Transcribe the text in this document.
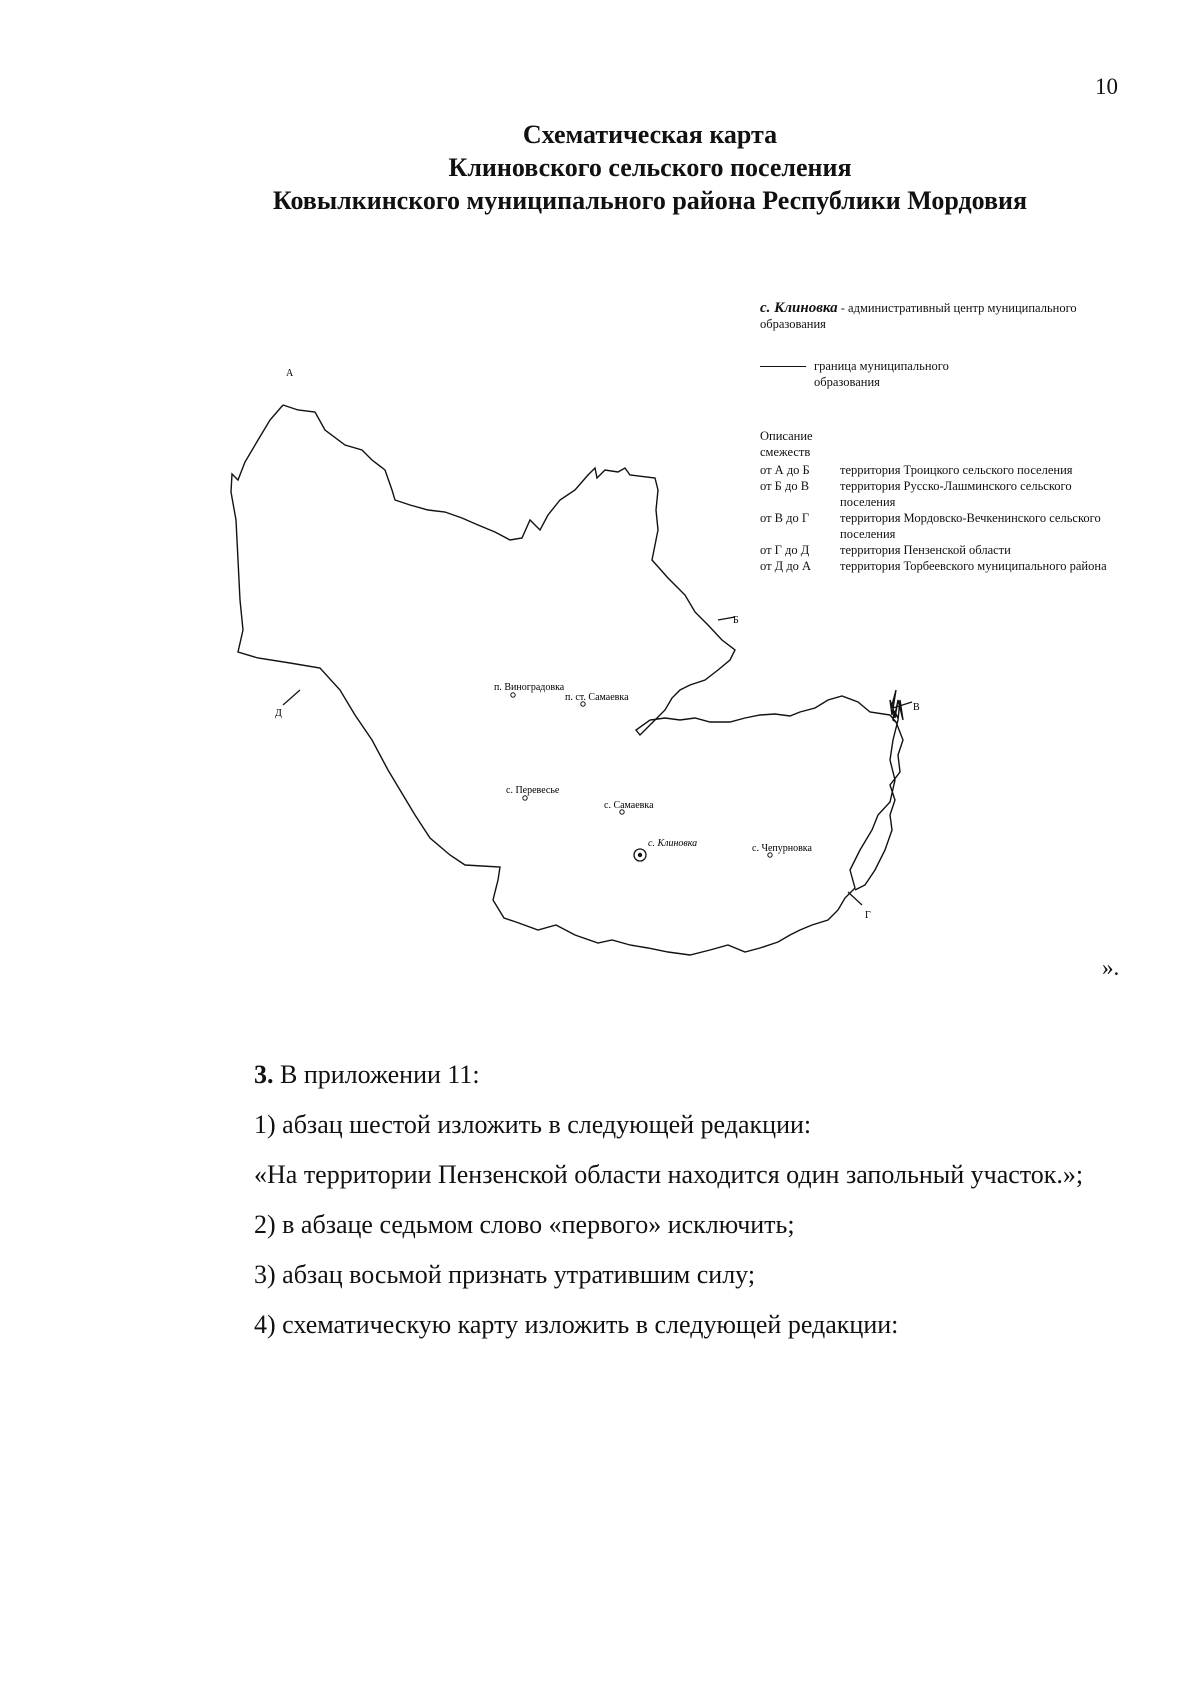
10
Схематическая карта
Клиновского сельского поселения
Ковылкинского муниципального района Республики Мордовия
А
Б
В
Г
Д
п. Виноградовка
п. ст. Самаевка
с. Перевесье
с. Самаевка
с. Клиновка	с. Чепурновка
с. Клиновка - административный центр муниципального образования
граница муниципального образования
Описание смежеств
от А до Б	территория Троицкого сельского поселения
от Б до В	территория Русско-Лашминского сельского поселения
от В до Г	территория Мордовско-Вечкенинского сельского поселения
от Г до Д	территория Пензенской области
от Д до А	территория Торбеевского муниципального района
».

3. В приложении 11:

1) абзац шестой изложить в следующей редакции:

«На территории Пензенской области находится один запольный участок.»;

2) в абзаце седьмом слово «первого» исключить;

3) абзац восьмой признать утратившим силу;

4) схематическую карту изложить в следующей редакции:
